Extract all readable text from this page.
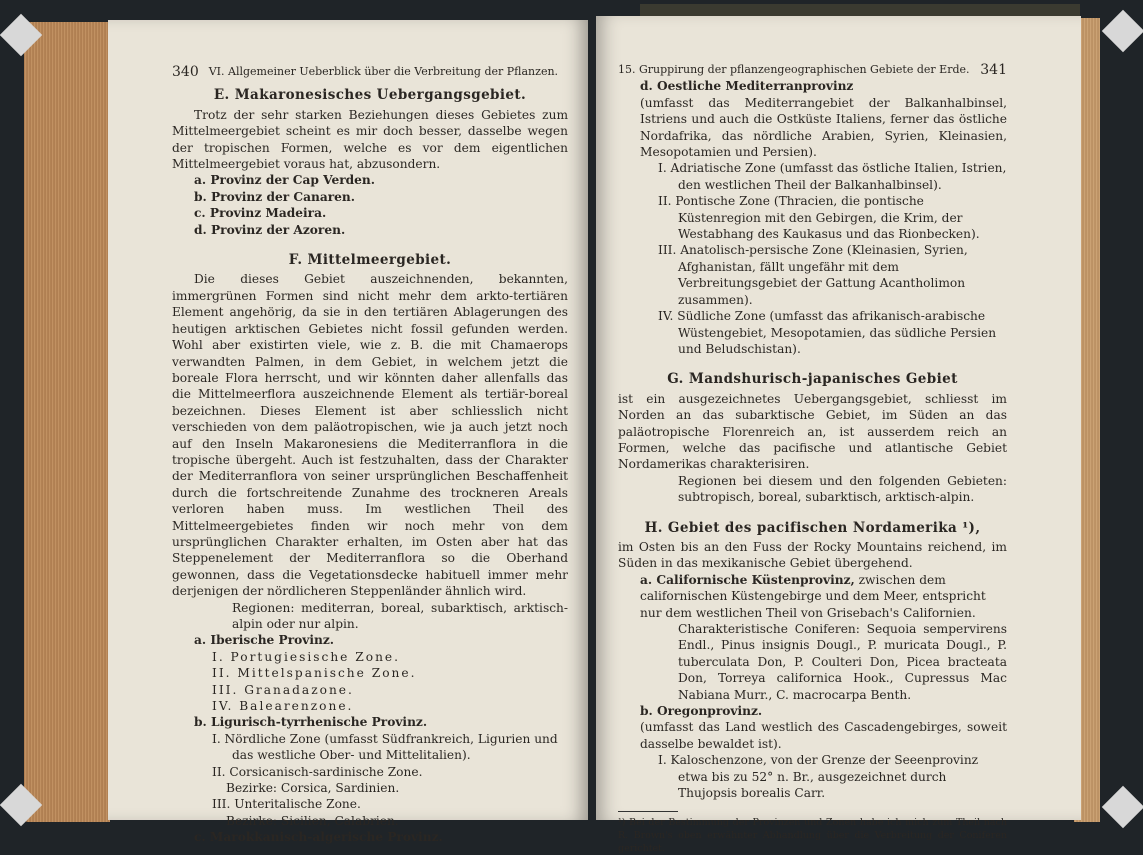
340 VI. Allgemeiner Ueberblick über die Verbreitung der Pflanzen.
E. Makaronesisches Uebergangsgebiet.

Trotz der sehr starken Beziehungen dieses Gebietes zum Mittelmeergebiet scheint es mir doch besser, dasselbe wegen der tropischen Formen, welche es vor dem eigentlichen Mittelmeergebiet voraus hat, abzusondern.

a. Provinz der Cap Verden.
b. Provinz der Canaren.
c. Provinz Madeira.
d. Provinz der Azoren.
F. Mittelmeergebiet.

Die dieses Gebiet auszeichnenden, bekannten, immergrünen Formen sind nicht mehr dem arkto-tertiären Element angehörig, da sie in den tertiären Ablagerungen des heutigen arktischen Gebietes nicht fossil gefunden werden. Wohl aber existirten viele, wie z. B. die mit Chamaerops verwandten Palmen, in dem Gebiet, in welchem jetzt die boreale Flora herrscht, und wir könnten daher allenfalls das die Mittelmeerflora auszeichnende Element als tertiär-boreal bezeichnen. Dieses Element ist aber schliesslich nicht verschieden von dem paläotropischen, wie ja auch jetzt noch auf den Inseln Makaronesiens die Mediterranflora in die tropische übergeht. Auch ist festzuhalten, dass der Charakter der Mediterranflora von seiner ursprünglichen Beschaffenheit durch die fortschreitende Zunahme des trockneren Areals verloren haben muss. Im westlichen Theil des Mittelmeergebietes finden wir noch mehr von dem ursprünglichen Charakter erhalten, im Osten aber hat das Steppenelement der Mediterranflora so die Oberhand gewonnen, dass die Vegetationsdecke habituell immer mehr derjenigen der nördlicheren Steppenländer ähnlich wird.

Regionen: mediterran, boreal, subarktisch, arktisch-alpin oder nur alpin.

a. Iberische Provinz.
I. Portugiesische Zone.
II. Mittelspanische Zone.
III. Granadazone.
IV. Balearenzone.
b. Ligurisch-tyrrhenische Provinz.
I. Nördliche Zone (umfasst Südfrankreich, Ligurien und das westliche Ober- und Mittelitalien).
II. Corsicanisch-sardinische Zone.
Bezirke: Corsica, Sardinien.
III. Unteritalische Zone.
Bezirke: Sicilien, Calabrien.
c. Marokkanisch-algerische Provinz.
15. Gruppirung der pflanzengeographischen Gebiete der Erde. 341
d. Oestliche Mediterranprovinz

(umfasst das Mediterrangebiet der Balkanhalbinsel, Istriens und auch die Ostküste Italiens, ferner das östliche Nordafrika, das nördliche Arabien, Syrien, Kleinasien, Mesopotamien und Persien).

I. Adriatische Zone (umfasst das östliche Italien, Istrien, den westlichen Theil der Balkanhalbinsel).
II. Pontische Zone (Thracien, die pontische Küstenregion mit den Gebirgen, die Krim, der Westabhang des Kaukasus und das Rionbecken).
III. Anatolisch-persische Zone (Kleinasien, Syrien, Afghanistan, fällt ungefähr mit dem Verbreitungsgebiet der Gattung Acantholimon zusammen).
IV. Südliche Zone (umfasst das afrikanisch-arabische Wüstengebiet, Mesopotamien, das südliche Persien und Beludschistan).
G. Mandshurisch-japanisches Gebiet

ist ein ausgezeichnetes Uebergangsgebiet, schliesst im Norden an das subarktische Gebiet, im Süden an das paläotropische Florenreich an, ist ausserdem reich an Formen, welche das pacifische und atlantische Gebiet Nordamerikas charakterisiren.

Regionen bei diesem und den folgenden Gebieten: subtropisch, boreal, subarktisch, arktisch-alpin.

H. Gebiet des pacifischen Nordamerika ¹),

im Osten bis an den Fuss der Rocky Mountains reichend, im Süden in das mexikanische Gebiet übergehend.

a. Californische Küstenprovinz, zwischen dem californischen Küstengebirge und dem Meer, entspricht nur dem westlichen Theil von Grisebach's Californien.

Charakteristische Coniferen: Sequoia sempervirens Endl., Pinus insignis Dougl., P. muricata Dougl., P. tuberculata Don, P. Coulteri Don, Picea bracteata Don, Torreya californica Hook., Cupressus Mac Nabiana Murr., C. macrocarpa Benth.

b. Oregonprovinz.

(umfasst das Land westlich des Cascadengebirges, soweit dasselbe bewaldet ist).

I. Kaloschenzone, von der Grenze der Seeenprovinz etwa bis zu 52° n. Br., ausgezeichnet durch Thujopsis borealis Carr.

¹) Bei der Bestimmung der Provinzen und Zonen habe ich mich zum Theil nach R. Brown's oben erwähnter Abhandlung über die Verbreitung der Coniferen gerichtet.
